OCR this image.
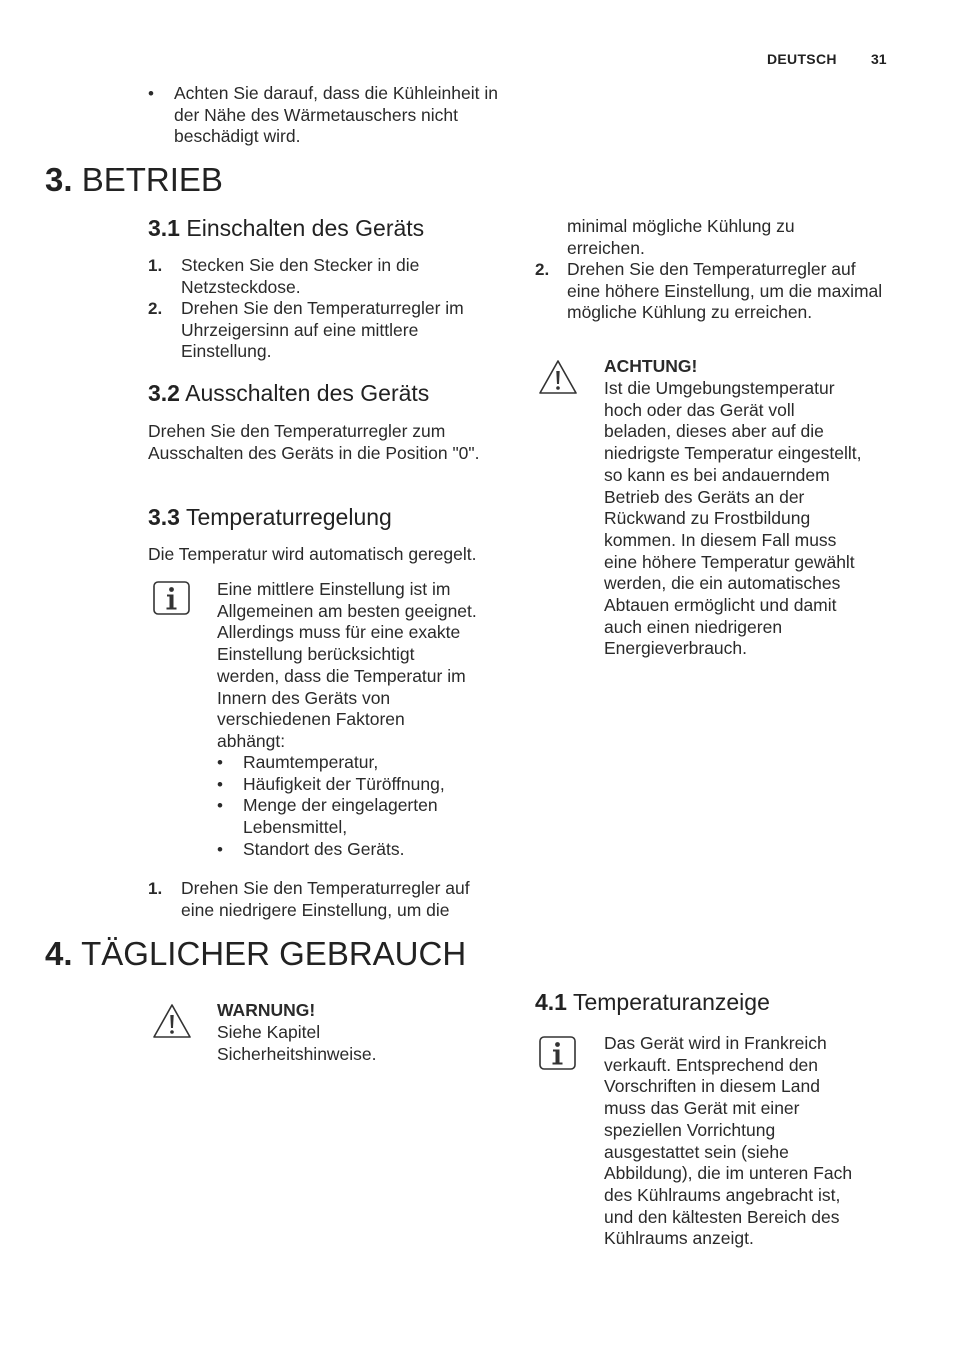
DEUTSCH 31
• Achten Sie darauf, dass die Kühleinheit in der Nähe des Wärmetauschers nicht beschädigt wird.
3. BETRIEB
3.1 Einschalten des Geräts
1. Stecken Sie den Stecker in die Netzsteckdose.
2. Drehen Sie den Temperaturregler im Uhrzeigersinn auf eine mittlere Einstellung.
3.2 Ausschalten des Geräts
Drehen Sie den Temperaturregler zum Ausschalten des Geräts in die Position "0".
3.3 Temperaturregelung
Die Temperatur wird automatisch geregelt.
Eine mittlere Einstellung ist im Allgemeinen am besten geeignet. Allerdings muss für eine exakte Einstellung berücksichtigt werden, dass die Temperatur im Innern des Geräts von verschiedenen Faktoren abhängt:
• Raumtemperatur,
• Häufigkeit der Türöffnung,
• Menge der eingelagerten Lebensmittel,
• Standort des Geräts.
1. Drehen Sie den Temperaturregler auf eine niedrigere Einstellung, um die
minimal mögliche Kühlung zu erreichen.
2. Drehen Sie den Temperaturregler auf eine höhere Einstellung, um die maximal mögliche Kühlung zu erreichen.
ACHTUNG!
Ist die Umgebungstemperatur hoch oder das Gerät voll beladen, dieses aber auf die niedrigste Temperatur eingestellt, so kann es bei andauerndem Betrieb des Geräts an der Rückwand zu Frostbildung kommen. In diesem Fall muss eine höhere Temperatur gewählt werden, die ein automatisches Abtauen ermöglicht und damit auch einen niedrigeren Energieverbrauch.
4. TÄGLICHER GEBRAUCH
WARNUNG!
Siehe Kapitel Sicherheitshinweise.
4.1 Temperaturanzeige
Das Gerät wird in Frankreich verkauft. Entsprechend den Vorschriften in diesem Land muss das Gerät mit einer speziellen Vorrichtung ausgestattet sein (siehe Abbildung), die im unteren Fach des Kühlraums angebracht ist, und den kältesten Bereich des Kühlraums anzeigt.
